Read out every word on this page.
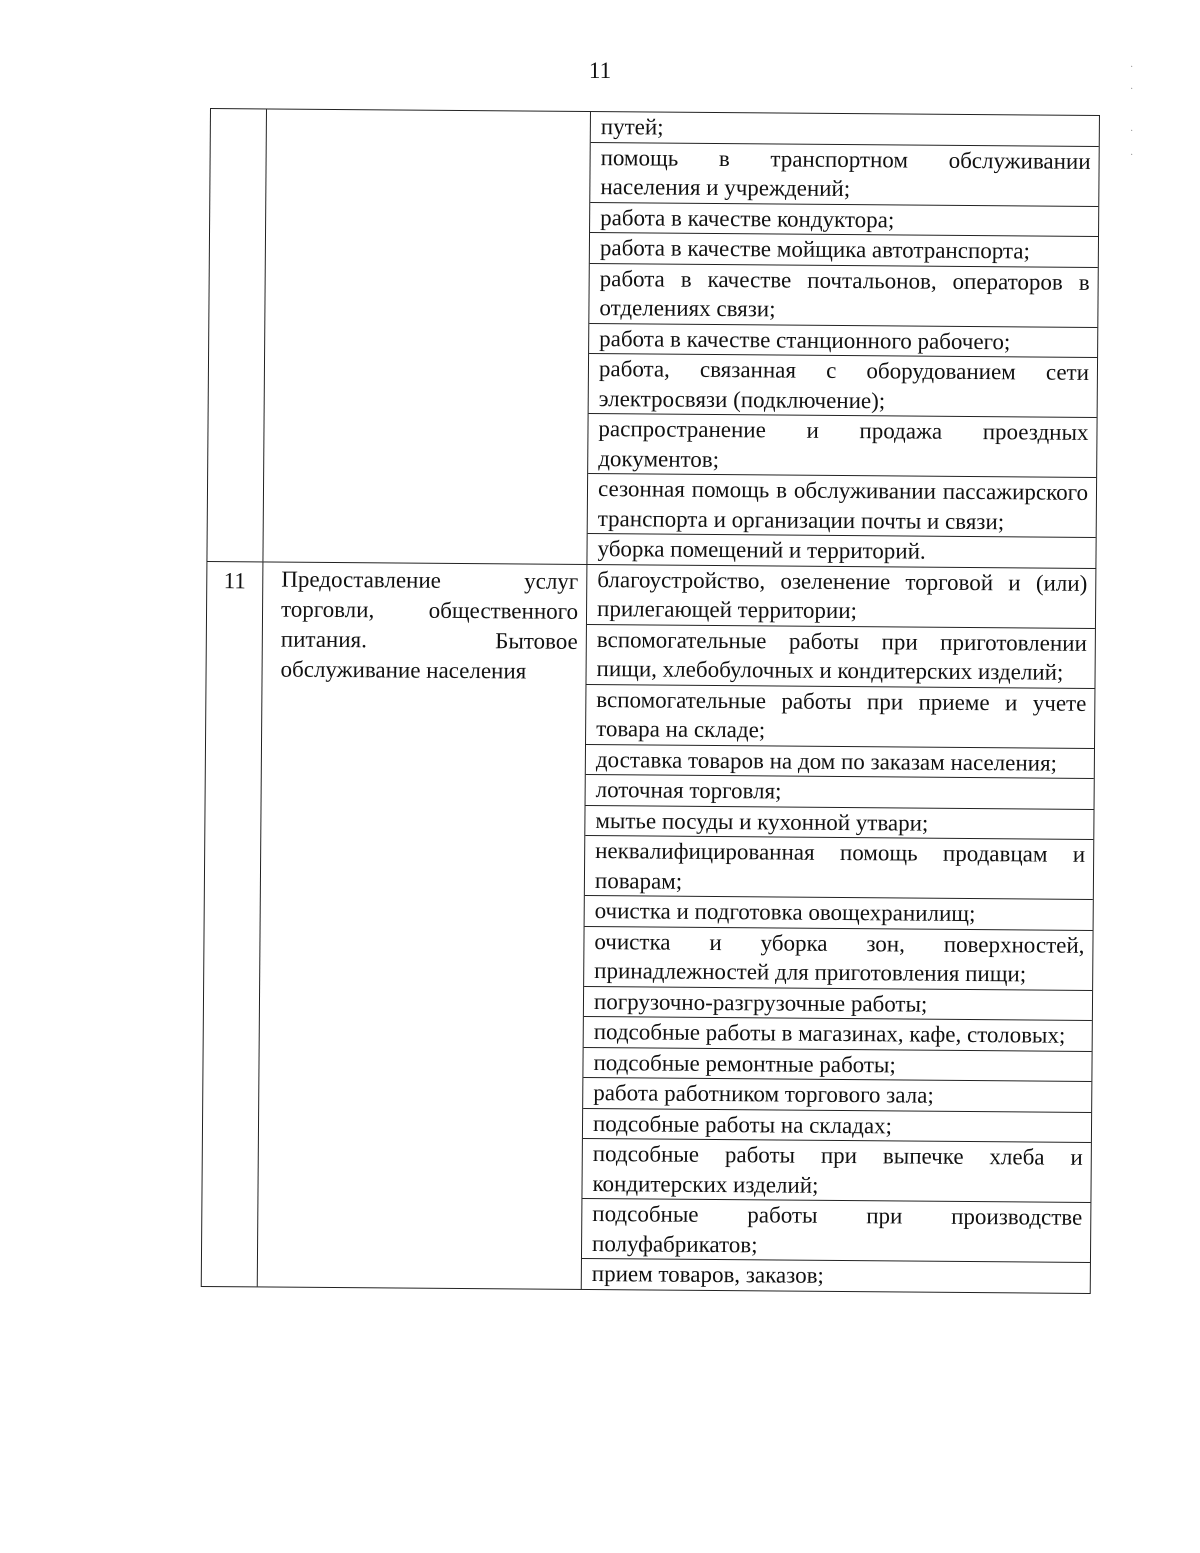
11	·
·
·
·
путей;
помощь в транспортном обслуживании населения и учреждений;
работа в качестве кондуктора;
работа в качестве мойщика автотранспорта;
работа в качестве почтальонов, операторов в отделениях связи;
работа в качестве станционного рабочего;
работа, связанная с оборудованием сети электросвязи (подключение);
распространение и продажа проездных документов;
сезонная помощь в обслуживании пассажирского транспорта и организации почты и связи;
уборка помещений и территорий.
11	Предоставление услуг торговли, общественного питания. Бытовое обслуживание населения
благоустройство, озеленение торговой и (или) прилегающей территории;
вспомогательные работы при приготовлении пищи, хлебобулочных и кондитерских изделий;
вспомогательные работы при приеме и учете товара на складе;
доставка товаров на дом по заказам населения;
лоточная торговля;
мытье посуды и кухонной утвари;
неквалифицированная помощь продавцам и поварам;
очистка и подготовка овощехранилищ;
очистка и уборка зон, поверхностей, принадлежностей для приготовления пищи;
погрузочно-разгрузочные работы;
подсобные работы в магазинах, кафе, столовых;
подсобные ремонтные работы;
работа работником торгового зала;
подсобные работы на складах;
подсобные работы при выпечке хлеба и кондитерских изделий;
подсобные работы при производстве полуфабрикатов;
прием товаров, заказов;
